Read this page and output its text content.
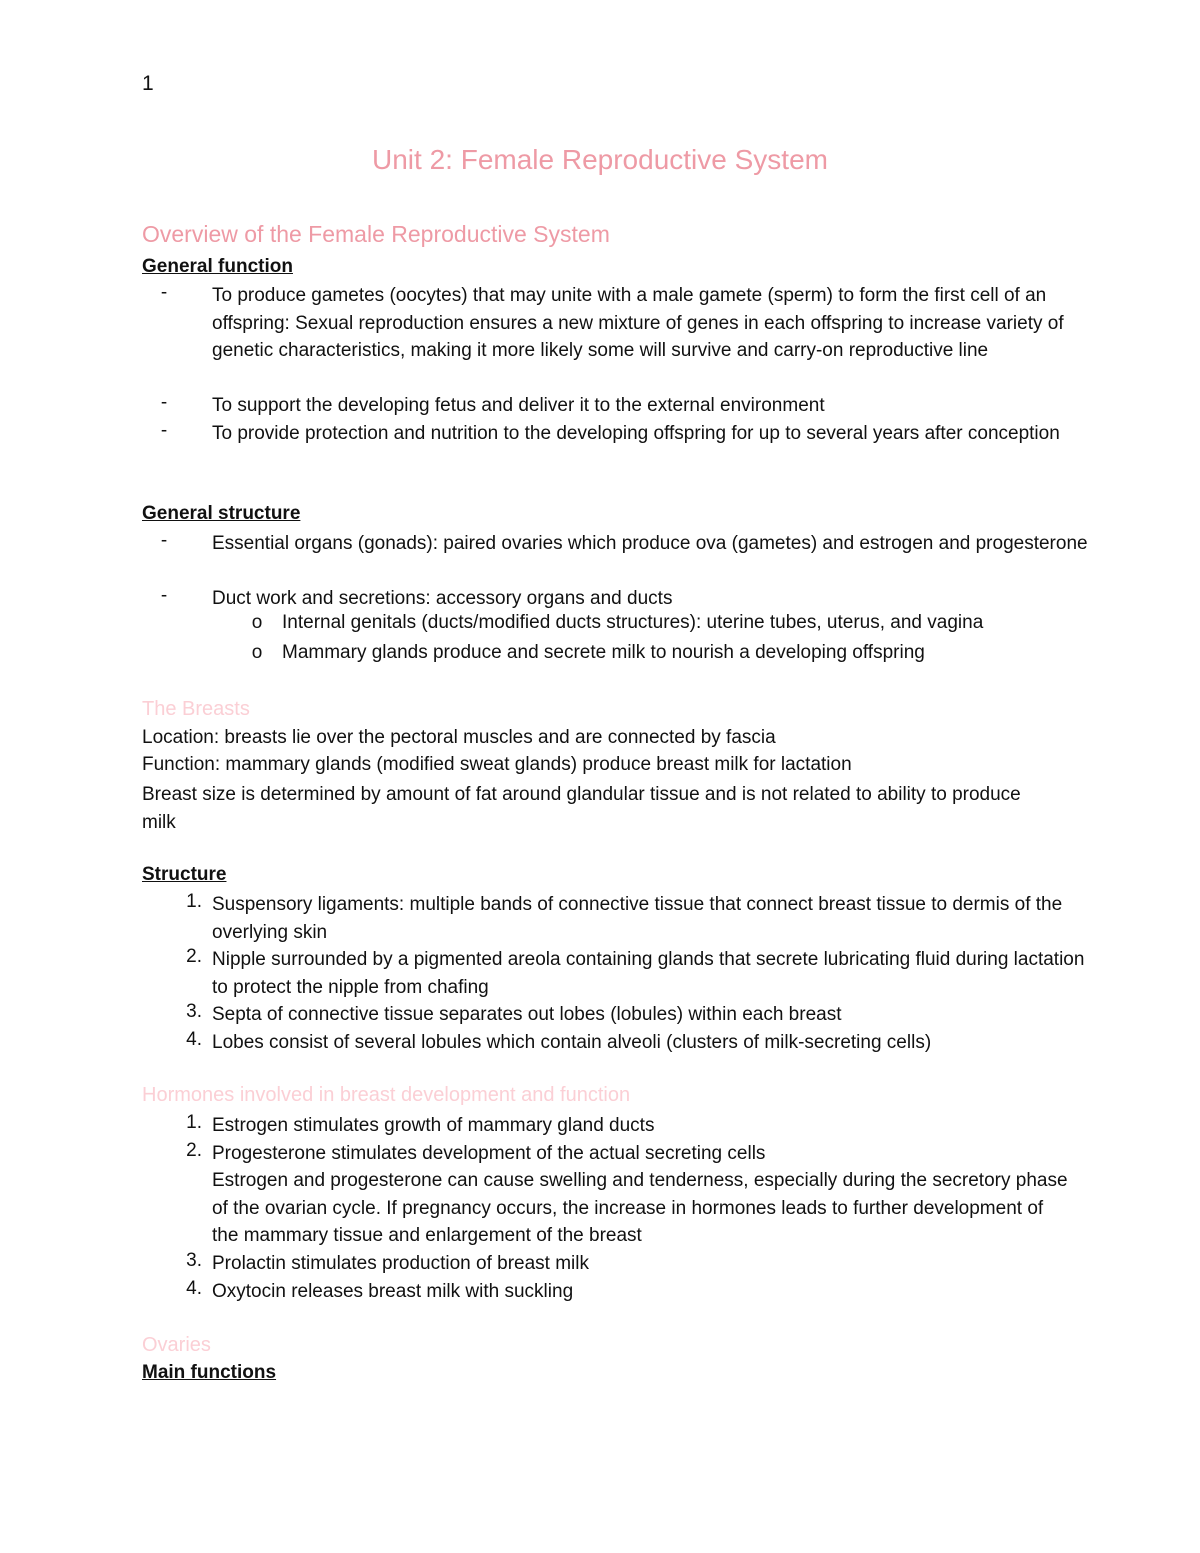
1
Unit 2: Female Reproductive System
Overview of the Female Reproductive System
General function
-	To produce gametes (oocytes) that may unite with a male gamete (sperm) to form the first cell of an offspring: Sexual reproduction ensures a new mixture of genes in each offspring to increase variety of genetic characteristics, making it more likely some will survive and carry-on reproductive line
-	To support the developing fetus and deliver it to the external environment
-	To provide protection and nutrition to the developing offspring for up to several years after conception
General structure
-	Essential organs (gonads): paired ovaries which produce ova (gametes) and estrogen and progesterone
-	Duct work and secretions: accessory organs and ducts
o	Internal genitals (ducts/modified ducts structures): uterine tubes, uterus, and vagina
o	Mammary glands produce and secrete milk to nourish a developing offspring
The Breasts
Location: breasts lie over the pectoral muscles and are connected by fascia
Function: mammary glands (modified sweat glands) produce breast milk for lactation
Breast size is determined by amount of fat around glandular tissue and is not related to ability to produce milk
Structure
1. Suspensory ligaments: multiple bands of connective tissue that connect breast tissue to dermis of the overlying skin
2. Nipple surrounded by a pigmented areola containing glands that secrete lubricating fluid during lactation to protect the nipple from chafing
3. Septa of connective tissue separates out lobes (lobules) within each breast
4. Lobes consist of several lobules which contain alveoli (clusters of milk-secreting cells)
Hormones involved in breast development and function
1. Estrogen stimulates growth of mammary gland ducts
2. Progesterone stimulates development of the actual secreting cells
Estrogen and progesterone can cause swelling and tenderness, especially during the secretory phase of the ovarian cycle. If pregnancy occurs, the increase in hormones leads to further development of the mammary tissue and enlargement of the breast
3. Prolactin stimulates production of breast milk
4. Oxytocin releases breast milk with suckling
Ovaries
Main functions
